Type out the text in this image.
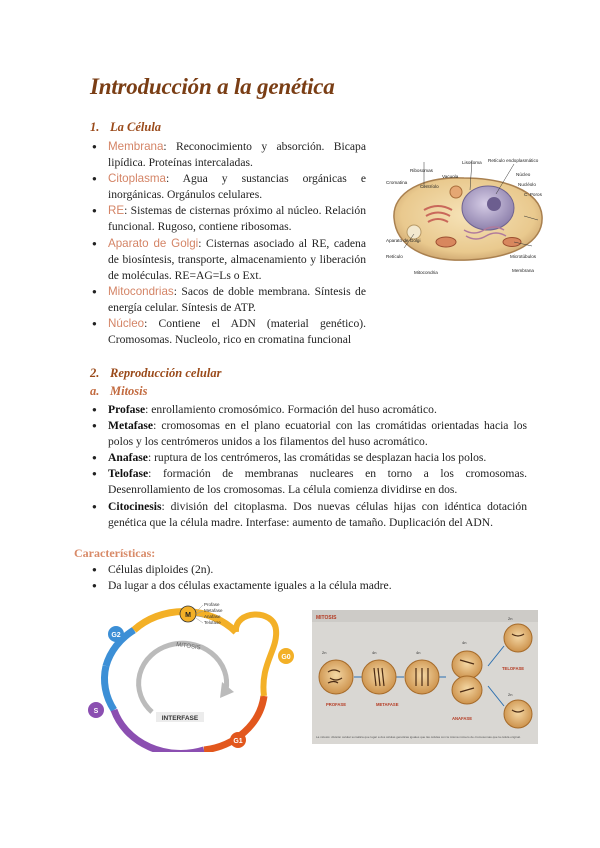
Introducción a la genética
1. La Célula
● Membrana: Reconocimiento y absorción. Bicapa lipídica. Proteínas intercaladas.
● Citoplasma: Agua y sustancias orgánicas e inorgánicas. Orgánulos celulares.
● RE: Sistemas de cisternas próximo al núcleo. Relación funcional. Rugoso, contiene ribosomas.
● Aparato de Golgi: Cisternas asociado al RE, cadena de biosíntesis, transporte, almacenamiento y liberación de moléculas. RE=AG=Ls o Ext.
● Mitocondrias: Sacos de doble membrana. Síntesis de energía celular. Síntesis de ATP.
● Núcleo: Contiene el ADN (material genético). Cromosomas. Nucleolo, rico en cromatina funcional
Ribosomas
Lisosoma
Vacuola
Centríolo
Cromatina
Retículo endoplasmático
Núcleo
Nucléolo
Aparato de Golgi
C. Poros
Retículo	Microtúbulos
Membrana
Mitocondria
2. Reproducción celular
a. Mitosis
● Profase: enrollamiento cromosómico. Formación del huso acromático.
● Metafase: cromosomas en el plano ecuatorial con las cromátidas orientadas hacia los polos y los centrómeros unidos a los filamentos del huso acromático.
● Anafase: ruptura de los centrómeros, las cromátidas se desplazan hacia los polos.
● Telofase: formación de membranas nucleares en torno a los cromosomas. Desenrollamiento de los cromosomas. La célula comienza dividirse en dos.
● Citocinesis: división del citoplasma. Dos nuevas células hijas con idéntica dotación genética que la célula madre. Interfase: aumento de tamaño. Duplicación del ADN.
Características:
● Células diploides (2n).
● Da lugar a dos células exactamente iguales a la célula madre.
G2
G0
S
G1
M
MITOSIS
INTERFASE
Profase
Metafase
Anafase
Telofase
MITOSIS
2n	4n	4n
4n
2n
2n
PROFASE	METAFASE
ANAFASE
TELOFASE
La mitosis: división celular somática que lugar a dos células genéticas iguales que las células con la misma número de cromosomas que la célula original.
